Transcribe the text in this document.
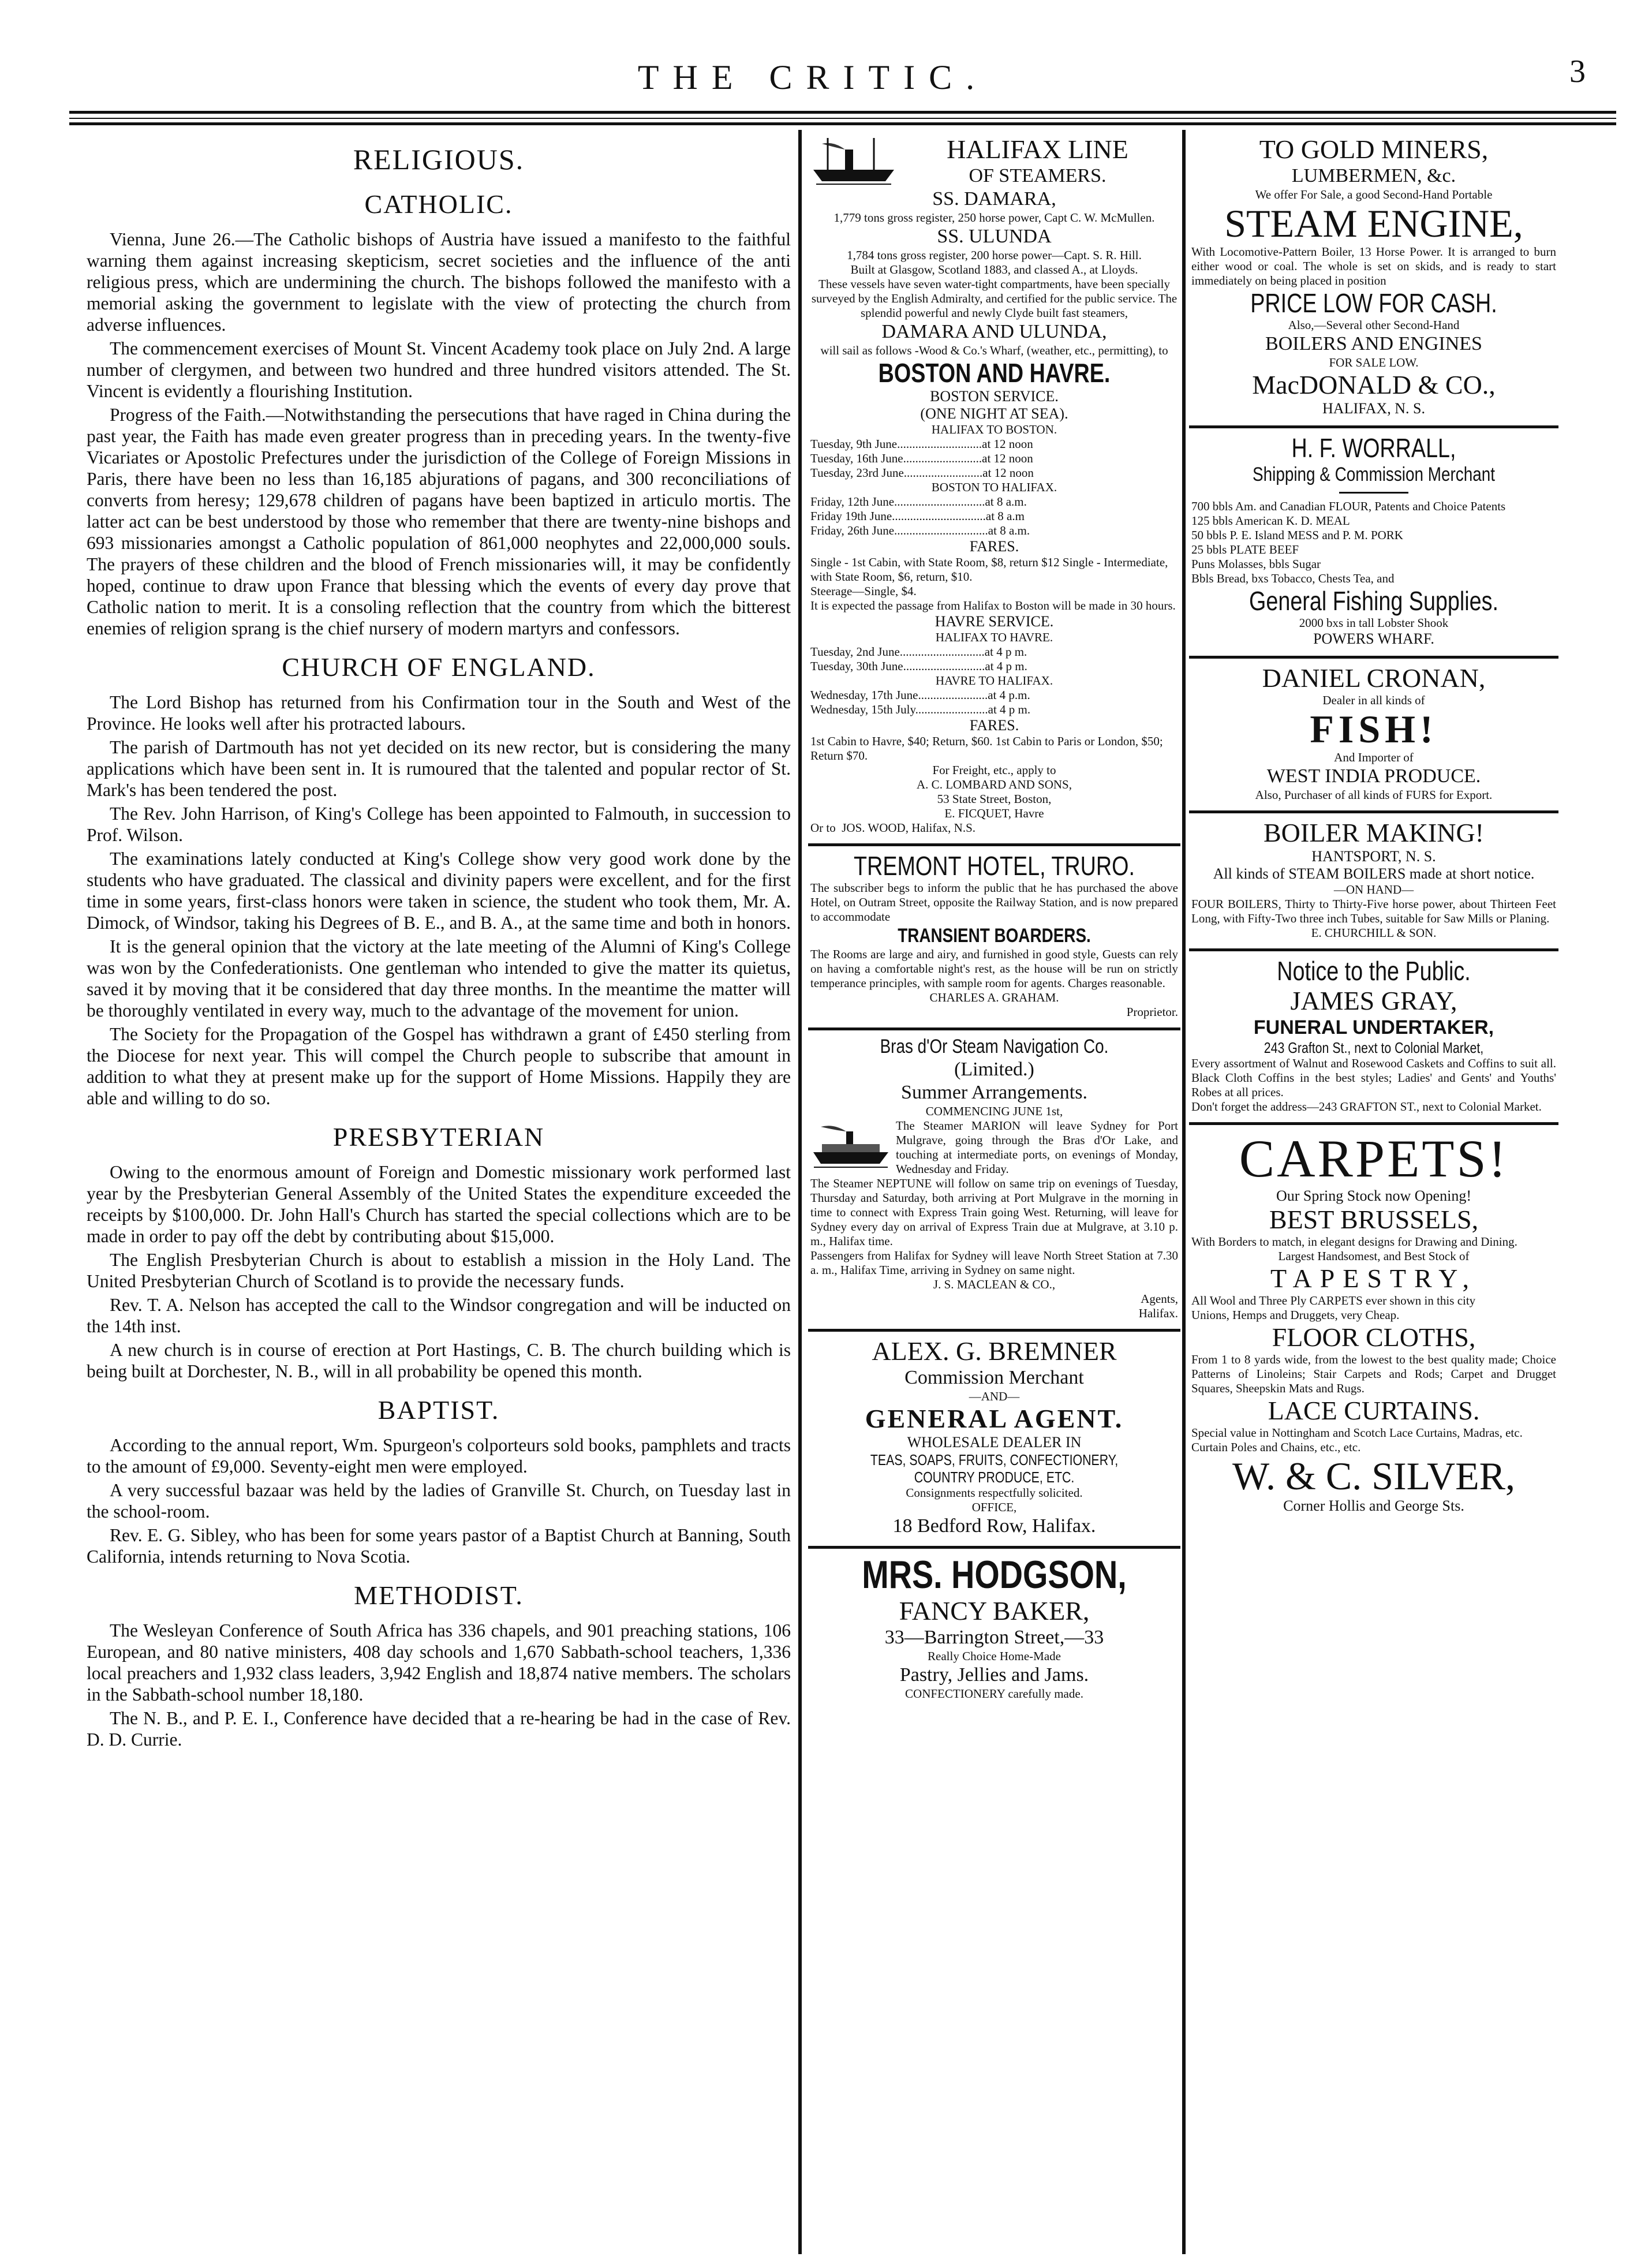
THE CRITIC.	3
RELIGIOUS.
CATHOLIC.

Vienna, June 26.—The Catholic bishops of Austria have issued a manifesto to the faithful warning them against increasing skepticism, secret societies and the influence of the anti religious press, which are undermining the church. The bishops followed the manifesto with a memorial asking the government to legislate with the view of protecting the church from adverse influences.

The commencement exercises of Mount St. Vincent Academy took place on July 2nd. A large number of clergymen, and between two hundred and three hundred visitors attended. The St. Vincent is evidently a flourishing Institution.

Progress of the Faith.—Notwithstanding the persecutions that have raged in China during the past year, the Faith has made even greater progress than in preceding years. In the twenty-five Vicariates or Apostolic Prefectures under the jurisdiction of the College of Foreign Missions in Paris, there have been no less than 16,185 abjurations of pagans, and 300 reconciliations of converts from heresy; 129,678 children of pagans have been baptized in articulo mortis. The latter act can be best understood by those who remember that there are twenty-nine bishops and 693 missionaries amongst a Catholic population of 861,000 neophytes and 22,000,000 souls. The prayers of these children and the blood of French missionaries will, it may be confidently hoped, continue to draw upon France that blessing which the events of every day prove that Catholic nation to merit. It is a consoling reflection that the country from which the bitterest enemies of religion sprang is the chief nursery of modern martyrs and confessors.

CHURCH OF ENGLAND.

The Lord Bishop has returned from his Confirmation tour in the South and West of the Province. He looks well after his protracted labours.

The parish of Dartmouth has not yet decided on its new rector, but is considering the many applications which have been sent in. It is rumoured that the talented and popular rector of St. Mark's has been tendered the post.

The Rev. John Harrison, of King's College has been appointed to Falmouth, in succession to Prof. Wilson.

The examinations lately conducted at King's College show very good work done by the students who have graduated. The classical and divinity papers were excellent, and for the first time in some years, first-class honors were taken in science, the student who took them, Mr. A. Dimock, of Windsor, taking his Degrees of B. E., and B. A., at the same time and both in honors.

It is the general opinion that the victory at the late meeting of the Alumni of King's College was won by the Confederationists. One gentleman who intended to give the matter its quietus, saved it by moving that it be considered that day three months. In the meantime the matter will be thoroughly ventilated in every way, much to the advantage of the movement for union.

The Society for the Propagation of the Gospel has withdrawn a grant of £450 sterling from the Diocese for next year. This will compel the Church people to subscribe that amount in addition to what they at present make up for the support of Home Missions. Happily they are able and willing to do so.

PRESBYTERIAN

Owing to the enormous amount of Foreign and Domestic missionary work performed last year by the Presbyterian General Assembly of the United States the expenditure exceeded the receipts by $100,000. Dr. John Hall's Church has started the special collections which are to be made in order to pay off the debt by contributing about $15,000.

The English Presbyterian Church is about to establish a mission in the Holy Land. The United Presbyterian Church of Scotland is to provide the necessary funds.

Rev. T. A. Nelson has accepted the call to the Windsor congregation and will be inducted on the 14th inst.

A new church is in course of erection at Port Hastings, C. B. The church building which is being built at Dorchester, N. B., will in all probability be opened this month.

BAPTIST.

According to the annual report, Wm. Spurgeon's colporteurs sold books, pamphlets and tracts to the amount of £9,000. Seventy-eight men were employed.

A very successful bazaar was held by the ladies of Granville St. Church, on Tuesday last in the school-room.

Rev. E. G. Sibley, who has been for some years pastor of a Baptist Church at Banning, South California, intends returning to Nova Scotia.

METHODIST.

The Wesleyan Conference of South Africa has 336 chapels, and 901 preaching stations, 106 European, and 80 native ministers, 408 day schools and 1,670 Sabbath-school teachers, 1,336 local preachers and 1,932 class leaders, 3,942 English and 18,874 native members. The scholars in the Sabbath-school number 18,180.

The N. B., and P. E. I., Conference have decided that a re-hearing be had in the case of Rev. D. D. Currie.

HALIFAX LINE
OF STEAMERS.
SS. DAMARA,
1,779 tons gross register, 250 horse power, Capt C. W. McMullen.
SS. ULUNDA
1,784 tons gross register, 200 horse power—Capt. S. R. Hill.
Built at Glasgow, Scotland 1883, and classed A., at Lloyds.
These vessels have seven water-tight compartments, have been specially surveyed by the English Admiralty, and certified for the public service. The splendid powerful and newly Clyde built fast steamers,
DAMARA AND ULUNDA,
will sail as follows -Wood & Co.'s Wharf, (weather, etc., permitting), to
BOSTON AND HAVRE.
BOSTON SERVICE.
(ONE NIGHT AT SEA).
HALIFAX TO BOSTON.
Tuesday, 9th June............................at 12 noon
Tuesday, 16th June..........................at 12 noon
Tuesday, 23rd June..........................at 12 noon
BOSTON TO HALIFAX.
Friday, 12th June..............................at 8 a.m.
Friday 19th June...............................at 8 a.m
Friday, 26th June...............................at 8 a.m.
FARES.
Single - 1st Cabin, with State Room, $8, return $12 Single - Intermediate, with State Room, $6, return, $10.
Steerage—Single, $4.
It is expected the passage from Halifax to Boston will be made in 30 hours.
HAVRE SERVICE.
HALIFAX TO HAVRE.
Tuesday, 2nd June............................at 4 p m.
Tuesday, 30th June...........................at 4 p m.
HAVRE TO HALIFAX.
Wednesday, 17th June.......................at 4 p.m.
Wednesday, 15th July........................at 4 p m.
FARES.
1st Cabin to Havre, $40; Return, $60. 1st Cabin to Paris or London, $50; Return $70.
For Freight, etc., apply to
A. C. LOMBARD AND SONS,
53 State Street, Boston,
E. FICQUET, Havre
Or to JOS. WOOD, Halifax, N.S.
TREMONT HOTEL, TRURO.
The subscriber begs to inform the public that he has purchased the above Hotel, on Outram Street, opposite the Railway Station, and is now prepared to accommodate
TRANSIENT BOARDERS.
The Rooms are large and airy, and furnished in good style, Guests can rely on having a comfortable night's rest, as the house will be run on strictly temperance principles, with sample room for agents. Charges reasonable.
CHARLES A. GRAHAM.
Proprietor.
Bras d'Or Steam Navigation Co.
(Limited.)
Summer Arrangements.
COMMENCING JUNE 1st,
The Steamer MARION will leave Sydney for Port Mulgrave, going through the Bras d'Or Lake, and touching at intermediate ports, on evenings of Monday, Wednesday and Friday.
The Steamer NEPTUNE will follow on same trip on evenings of Tuesday, Thursday and Saturday, both arriving at Port Mulgrave in the morning in time to connect with Express Train going West. Returning, will leave for Sydney every day on arrival of Express Train due at Mulgrave, at 3.10 p. m., Halifax time.
Passengers from Halifax for Sydney will leave North Street Station at 7.30 a. m., Halifax Time, arriving in Sydney on same night.
J. S. MACLEAN & CO.,
Agents,
Halifax.
ALEX. G. BREMNER
Commission Merchant
—AND—
GENERAL AGENT.
WHOLESALE DEALER IN
TEAS, SOAPS, FRUITS, CONFECTIONERY, COUNTRY PRODUCE, ETC.
Consignments respectfully solicited.
OFFICE,
18 Bedford Row, Halifax.
MRS. HODGSON,
FANCY BAKER,
33—Barrington Street,—33
Really Choice Home-Made
Pastry, Jellies and Jams.
CONFECTIONERY carefully made.
TO GOLD MINERS,
LUMBERMEN, &c.
We offer For Sale, a good Second-Hand Portable
STEAM ENGINE,
With Locomotive-Pattern Boiler, 13 Horse Power. It is arranged to burn either wood or coal. The whole is set on skids, and is ready to start immediately on being placed in position
PRICE LOW FOR CASH.
Also,—Several other Second-Hand
BOILERS AND ENGINES
FOR SALE LOW.
MacDONALD & CO.,
HALIFAX, N. S.
H. F. WORRALL,
Shipping & Commission Merchant
700 bbls Am. and Canadian FLOUR, Patents and Choice Patents
125 bbls American K. D. MEAL
50 bbls P. E. Island MESS and P. M. PORK
25 bbls PLATE BEEF
Puns Molasses, bbls Sugar
Bbls Bread, bxs Tobacco, Chests Tea, and
General Fishing Supplies.
2000 bxs in tall Lobster Shook
POWERS WHARF.
DANIEL CRONAN,
Dealer in all kinds of
FISH!
And Importer of
WEST INDIA PRODUCE.
Also, Purchaser of all kinds of FURS for Export.
BOILER MAKING!
HANTSPORT, N. S.
All kinds of STEAM BOILERS made at short notice.
—ON HAND—
FOUR BOILERS, Thirty to Thirty-Five horse power, about Thirteen Feet Long, with Fifty-Two three inch Tubes, suitable for Saw Mills or Planing.
E. CHURCHILL & SON.
Notice to the Public.
JAMES GRAY,
FUNERAL UNDERTAKER,
243 Grafton St., next to Colonial Market,
Every assortment of Walnut and Rosewood Caskets and Coffins to suit all. Black Cloth Coffins in the best styles; Ladies' and Gents' and Youths' Robes at all prices.
Don't forget the address—243 GRAFTON ST., next to Colonial Market.
CARPETS!
Our Spring Stock now Opening!
BEST BRUSSELS,
With Borders to match, in elegant designs for Drawing and Dining.
Largest Handsomest, and Best Stock of
TAPESTRY,
All Wool and Three Ply CARPETS ever shown in this city
Unions, Hemps and Druggets, very Cheap.
FLOOR CLOTHS,
From 1 to 8 yards wide, from the lowest to the best quality made; Choice Patterns of Linoleins; Stair Carpets and Rods; Carpet and Drugget Squares, Sheepskin Mats and Rugs.
LACE CURTAINS.
Special value in Nottingham and Scotch Lace Curtains, Madras, etc.
Curtain Poles and Chains, etc., etc.
W. & C. SILVER,
Corner Hollis and George Sts.
